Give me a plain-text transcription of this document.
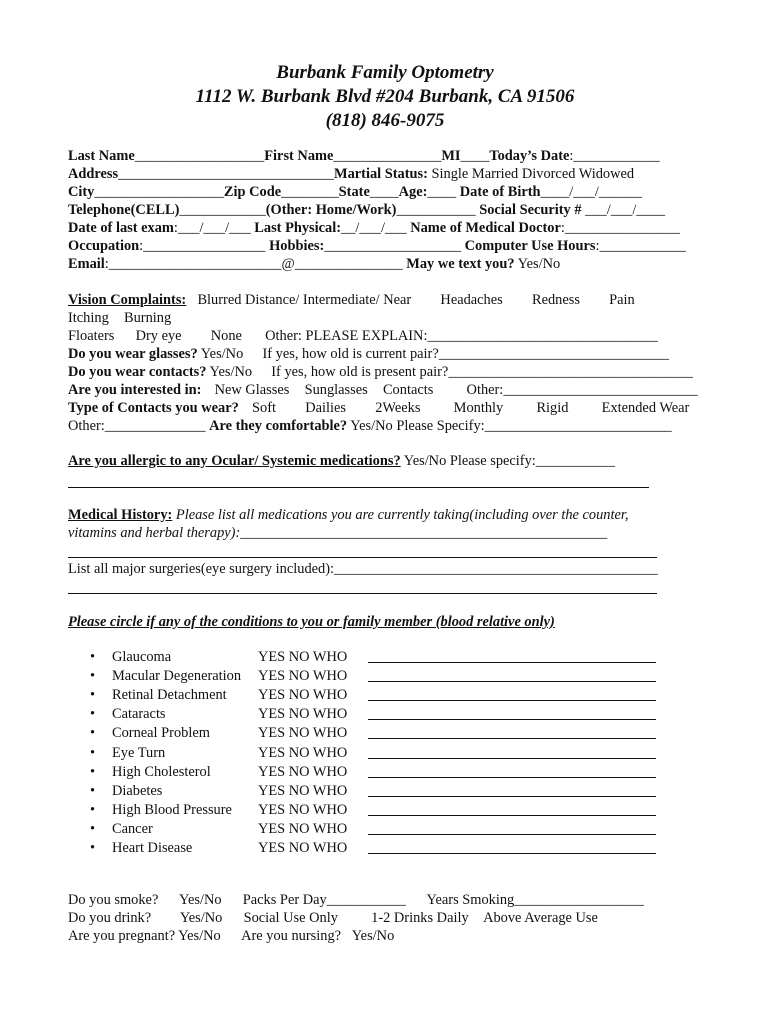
Burbank Family Optometry
1112 W. Burbank Blvd #204 Burbank, CA 91506
(818) 846-9075
Last Name__________________First Name_______________MI____Today’s Date:____________
Address______________________________Martial Status: Single Married Divorced Widowed
City__________________Zip Code________State____Age:____ Date of Birth____/___/______
Telephone(CELL)____________(Other: Home/Work)___________ Social Security # ___/___/____
Date of last exam:___/___/___ Last Physical:__/___/___ Name of Medical Doctor:________________
Occupation:_________________ Hobbies:___________________ Computer Use Hours:____________
Email:________________________@_______________ May we text you? Yes/No
Vision Complaints: Blurred Distance/ Intermediate/ Near Headaches Redness Pain
Itching Burning
Floaters Dry eye None Other: PLEASE EXPLAIN:________________________________
Do you wear glasses? Yes/No If yes, how old is current pair?________________________________
Do you wear contacts? Yes/No If yes, how old is present pair?__________________________________
Are you interested in: New Glasses Sunglasses Contacts Other:___________________________
Type of Contacts you wear? Soft Dailies 2Weeks Monthly Rigid Extended Wear
Other:______________ Are they comfortable? Yes/No Please Specify:__________________________
Are you allergic to any Ocular/ Systemic medications? Yes/No Please specify:___________
Medical History: Please list all medications you are currently taking(including over the counter,
vitamins and herbal therapy):___________________________________________________
List all major surgeries(eye surgery included):_____________________________________________
Please circle if any of the conditions to you or family member (blood relative only)
• Glaucoma	YES NO WHO
• Macular Degeneration YES NO WHO
• Retinal Detachment YES NO WHO
• Cataracts	YES NO WHO
• Corneal Problem	YES NO WHO
• Eye Turn	YES NO WHO
• High Cholesterol	YES NO WHO
• Diabetes	YES NO WHO
• High Blood Pressure YES NO WHO
• Cancer	YES NO WHO
• Heart Disease	YES NO WHO
Do you smoke? Yes/No Packs Per Day___________ Years Smoking__________________
Do you drink? Yes/No Social Use Only 1-2 Drinks Daily Above Average Use
Are you pregnant? Yes/No Are you nursing? Yes/No
